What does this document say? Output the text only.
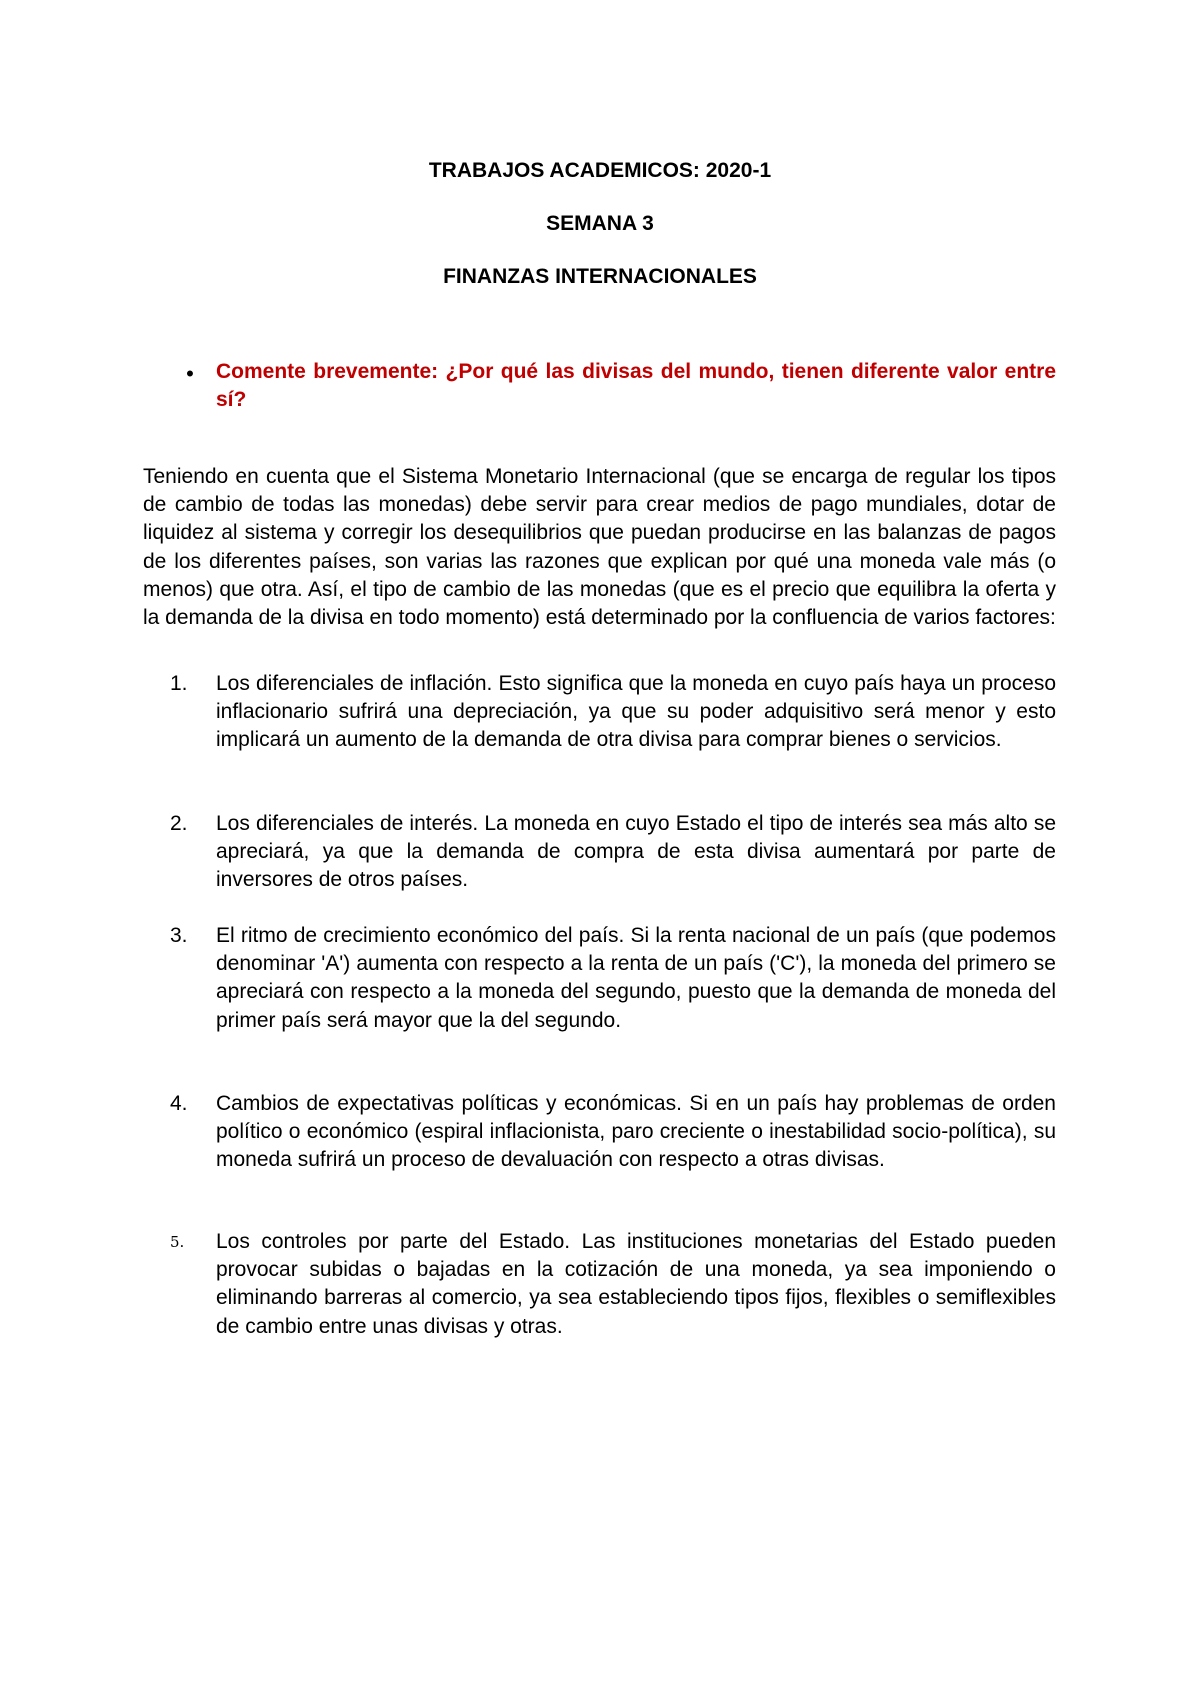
TRABAJOS ACADEMICOS: 2020-1
SEMANA 3
FINANZAS INTERNACIONALES
• Comente brevemente: ¿Por qué las divisas del mundo, tienen diferente valor entre sí?
Teniendo en cuenta que el Sistema Monetario Internacional (que se encarga de regular los tipos de cambio de todas las monedas) debe servir para crear medios de pago mundiales, dotar de liquidez al sistema y corregir los desequilibrios que puedan producirse en las balanzas de pagos de los diferentes países, son varias las razones que explican por qué una moneda vale más (o menos) que otra. Así, el tipo de cambio de las monedas (que es el precio que equilibra la oferta y la demanda de la divisa en todo momento) está determinado por la confluencia de varios factores:
1.	Los diferenciales de inflación. Esto significa que la moneda en cuyo país haya un proceso inflacionario sufrirá una depreciación, ya que su poder adquisitivo será menor y esto implicará un aumento de la demanda de otra divisa para comprar bienes o servicios.
2.	Los diferenciales de interés. La moneda en cuyo Estado el tipo de interés sea más alto se apreciará, ya que la demanda de compra de esta divisa aumentará por parte de inversores de otros países.
3.	El ritmo de crecimiento económico del país. Si la renta nacional de un país (que podemos denominar 'A') aumenta con respecto a la renta de un país ('C'), la moneda del primero se apreciará con respecto a la moneda del segundo, puesto que la demanda de moneda del primer país será mayor que la del segundo.
4.	Cambios de expectativas políticas y económicas. Si en un país hay problemas de orden político o económico (espiral inflacionista, paro creciente o inestabilidad socio-política), su moneda sufrirá un proceso de devaluación con respecto a otras divisas.
5.	Los controles por parte del Estado. Las instituciones monetarias del Estado pueden provocar subidas o bajadas en la cotización de una moneda, ya sea imponiendo o eliminando barreras al comercio, ya sea estableciendo tipos fijos, flexibles o semiflexibles de cambio entre unas divisas y otras.
